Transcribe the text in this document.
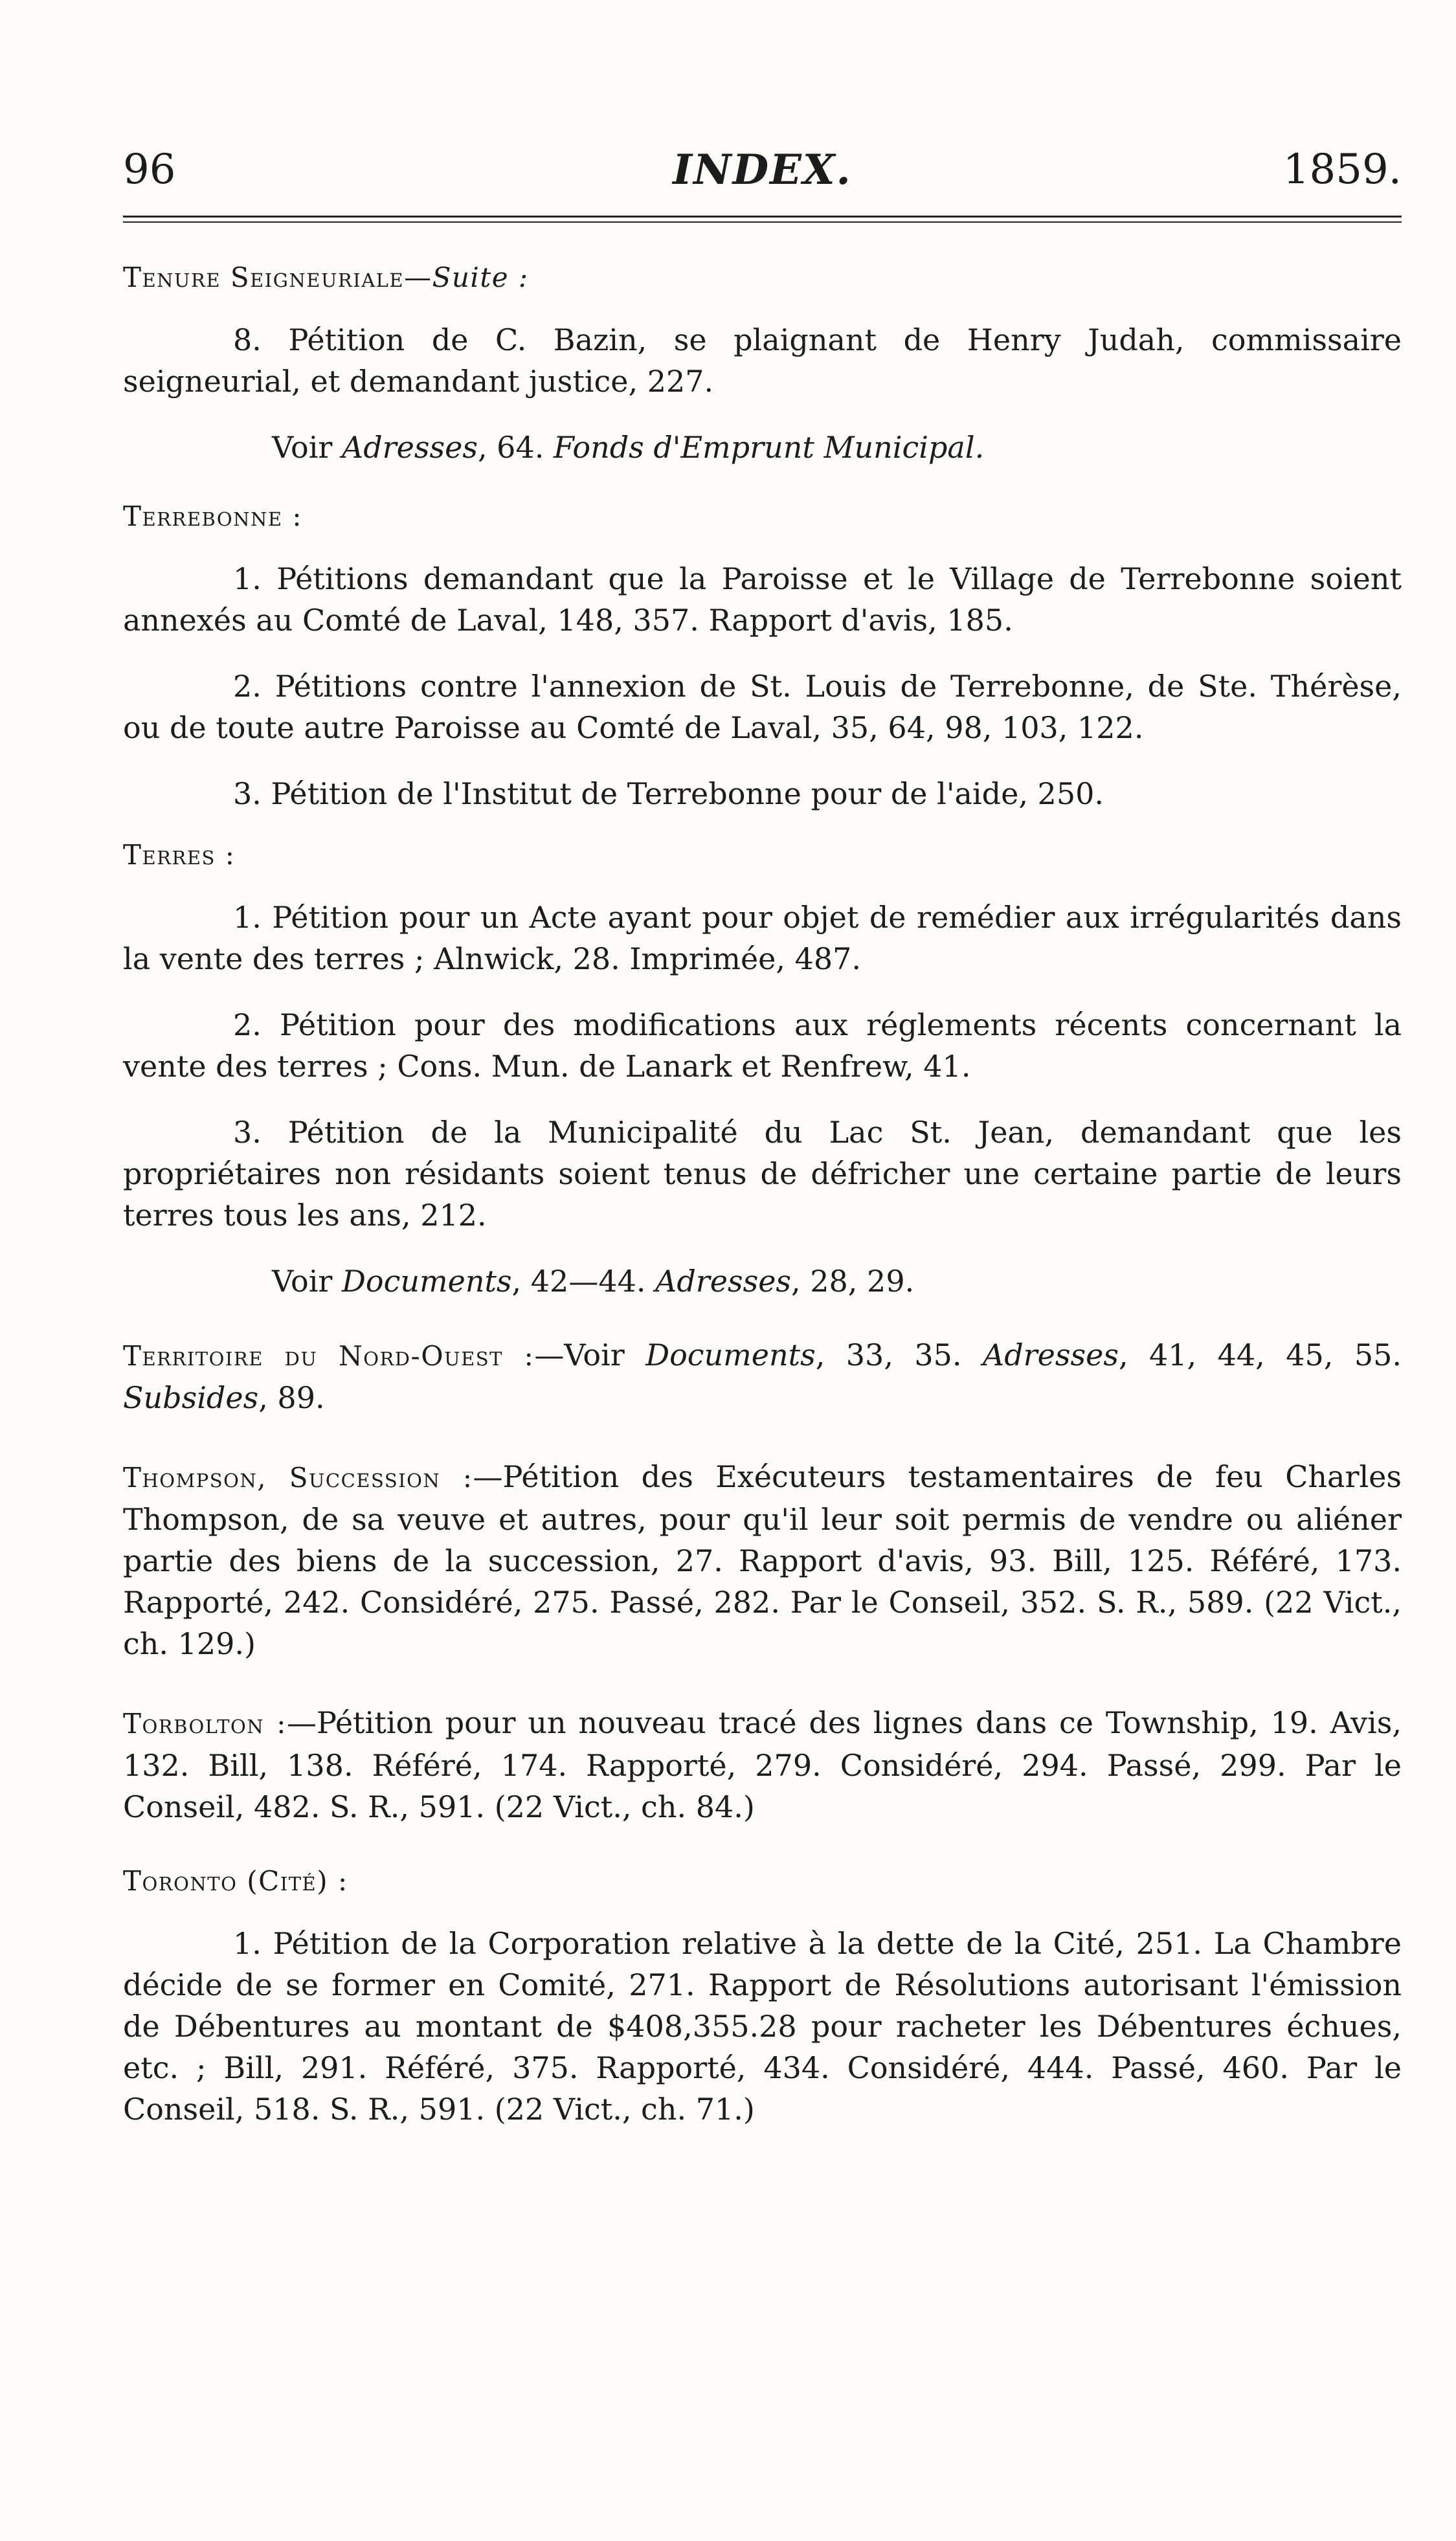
96	INDEX.	1859.
Tenure Seigneuriale—Suite :

8. Pétition de C. Bazin, se plaignant de Henry Judah, commissaire seigneurial, et demandant justice, 227.

Voir Adresses, 64. Fonds d'Emprunt Municipal.

Terrebonne :

1. Pétitions demandant que la Paroisse et le Village de Terrebonne soient annexés au Comté de Laval, 148, 357. Rapport d'avis, 185.

2. Pétitions contre l'annexion de St. Louis de Terrebonne, de Ste. Thérèse, ou de toute autre Paroisse au Comté de Laval, 35, 64, 98, 103, 122.

3. Pétition de l'Institut de Terrebonne pour de l'aide, 250.

Terres :

1. Pétition pour un Acte ayant pour objet de remédier aux irrégularités dans la vente des terres ; Alnwick, 28. Imprimée, 487.

2. Pétition pour des modifications aux réglements récents concernant la vente des terres ; Cons. Mun. de Lanark et Renfrew, 41.

3. Pétition de la Municipalité du Lac St. Jean, demandant que les propriétaires non résidants soient tenus de défricher une certaine partie de leurs terres tous les ans, 212.

Voir Documents, 42—44. Adresses, 28, 29.

Territoire du Nord-Ouest :—Voir Documents, 33, 35. Adresses, 41, 44, 45, 55. Subsides, 89.

Thompson, Succession :—Pétition des Exécuteurs testamentaires de feu Charles Thompson, de sa veuve et autres, pour qu'il leur soit permis de vendre ou aliéner partie des biens de la succession, 27. Rapport d'avis, 93. Bill, 125. Référé, 173. Rapporté, 242. Considéré, 275. Passé, 282. Par le Conseil, 352. S. R., 589. (22 Vict., ch. 129.)

Torbolton :—Pétition pour un nouveau tracé des lignes dans ce Township, 19. Avis, 132. Bill, 138. Référé, 174. Rapporté, 279. Considéré, 294. Passé, 299. Par le Conseil, 482. S. R., 591. (22 Vict., ch. 84.)

Toronto (Cité) :

1. Pétition de la Corporation relative à la dette de la Cité, 251. La Chambre décide de se former en Comité, 271. Rapport de Résolutions autorisant l'émission de Débentures au montant de $408,355.28 pour racheter les Débentures échues, etc. ; Bill, 291. Référé, 375. Rapporté, 434. Considéré, 444. Passé, 460. Par le Conseil, 518. S. R., 591. (22 Vict., ch. 71.)
